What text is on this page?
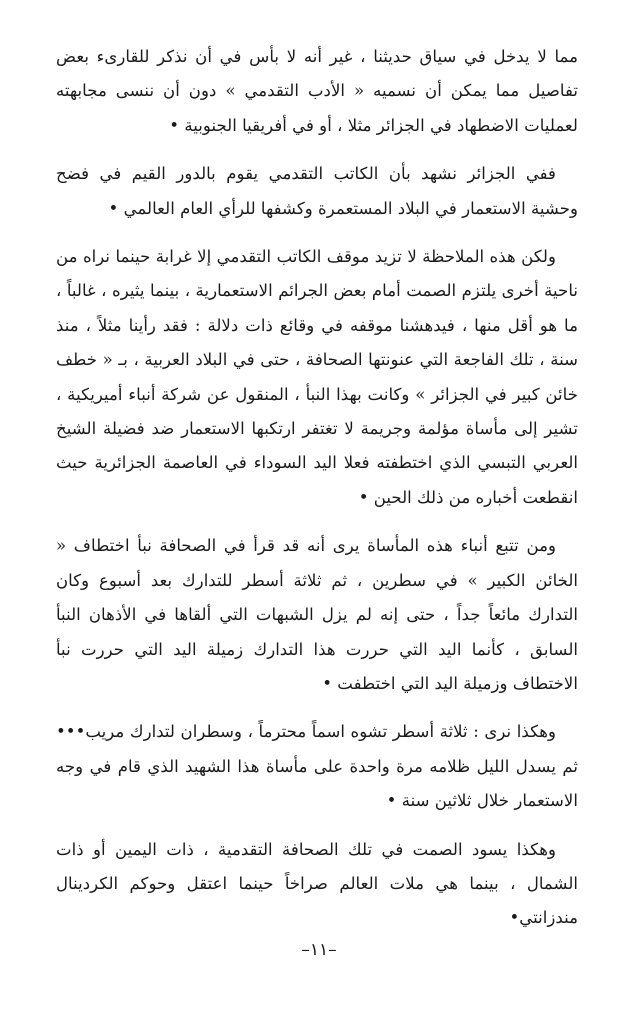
مما لا يدخل في سياق حديثنا ، غير أنه لا بأس في أن نذكر للقارىء بعض تفاصيل مما يمكن أن نسميه « الأدب التقدمي » دون أن ننسى مجابهته لعمليات الاضطهاد في الجزائر مثلا ، أو في أفريقيا الجنوبية •

ففي الجزائر نشهد بأن الكاتب التقدمي يقوم بالدور القيم في فضح وحشية الاستعمار في البلاد المستعمرة وكشفها للرأي العام العالمي •

ولكن هذه الملاحظة لا تزيد موقف الكاتب التقدمي إلا غرابة حينما نراه من ناحية أخرى يلتزم الصمت أمام بعض الجرائم الاستعمارية ، بينما يثيره ، غالباً ، ما هو أقل منها ، فيدهشنا موقفه في وقائع ذات دلالة : فقد رأينا مثلاً ، منذ سنة ، تلك الفاجعة التي عنونتها الصحافة ، حتى في البلاد العربية ، بـ « خطف خائن كبير في الجزائر » وكانت بهذا النبأ ، المنقول عن شركة أنباء أميريكية ، تشير إلى مأساة مؤلمة وجريمة لا تغتفر ارتكبها الاستعمار ضد فضيلة الشيخ العربي التبسي الذي اختطفته فعلا اليد السوداء في العاصمة الجزائرية حيث انقطعت أخباره من ذلك الحين •

ومن تتبع أنباء هذه المأساة يرى أنه قد قرأ في الصحافة نبأ اختطاف « الخائن الكبير » في سطرين ، ثم ثلاثة أسطر للتدارك بعد أسبوع وكان التدارك مائعاً جداً ، حتى إنه لم يزل الشبهات التي ألقاها في الأذهان النبأ السابق ، كأنما اليد التي حررت هذا التدارك زميلة اليد التي حررت نبأ الاختطاف وزميلة اليد التي اختطفت •

وهكذا نرى : ثلاثة أسطر تشوه اسماً محترماً ، وسطران لتدارك مريب••• ثم يسدل الليل ظلامه مرة واحدة على مأساة هذا الشهيد الذي قام في وجه الاستعمار خلال ثلاثين سنة •

وهكذا يسود الصمت في تلك الصحافة التقدمية ، ذات اليمين أو ذات الشمال ، بينما هي ملات العالم صراخاً حينما اعتقل وحوكم الكردينال مندزانتي•

–١١–
